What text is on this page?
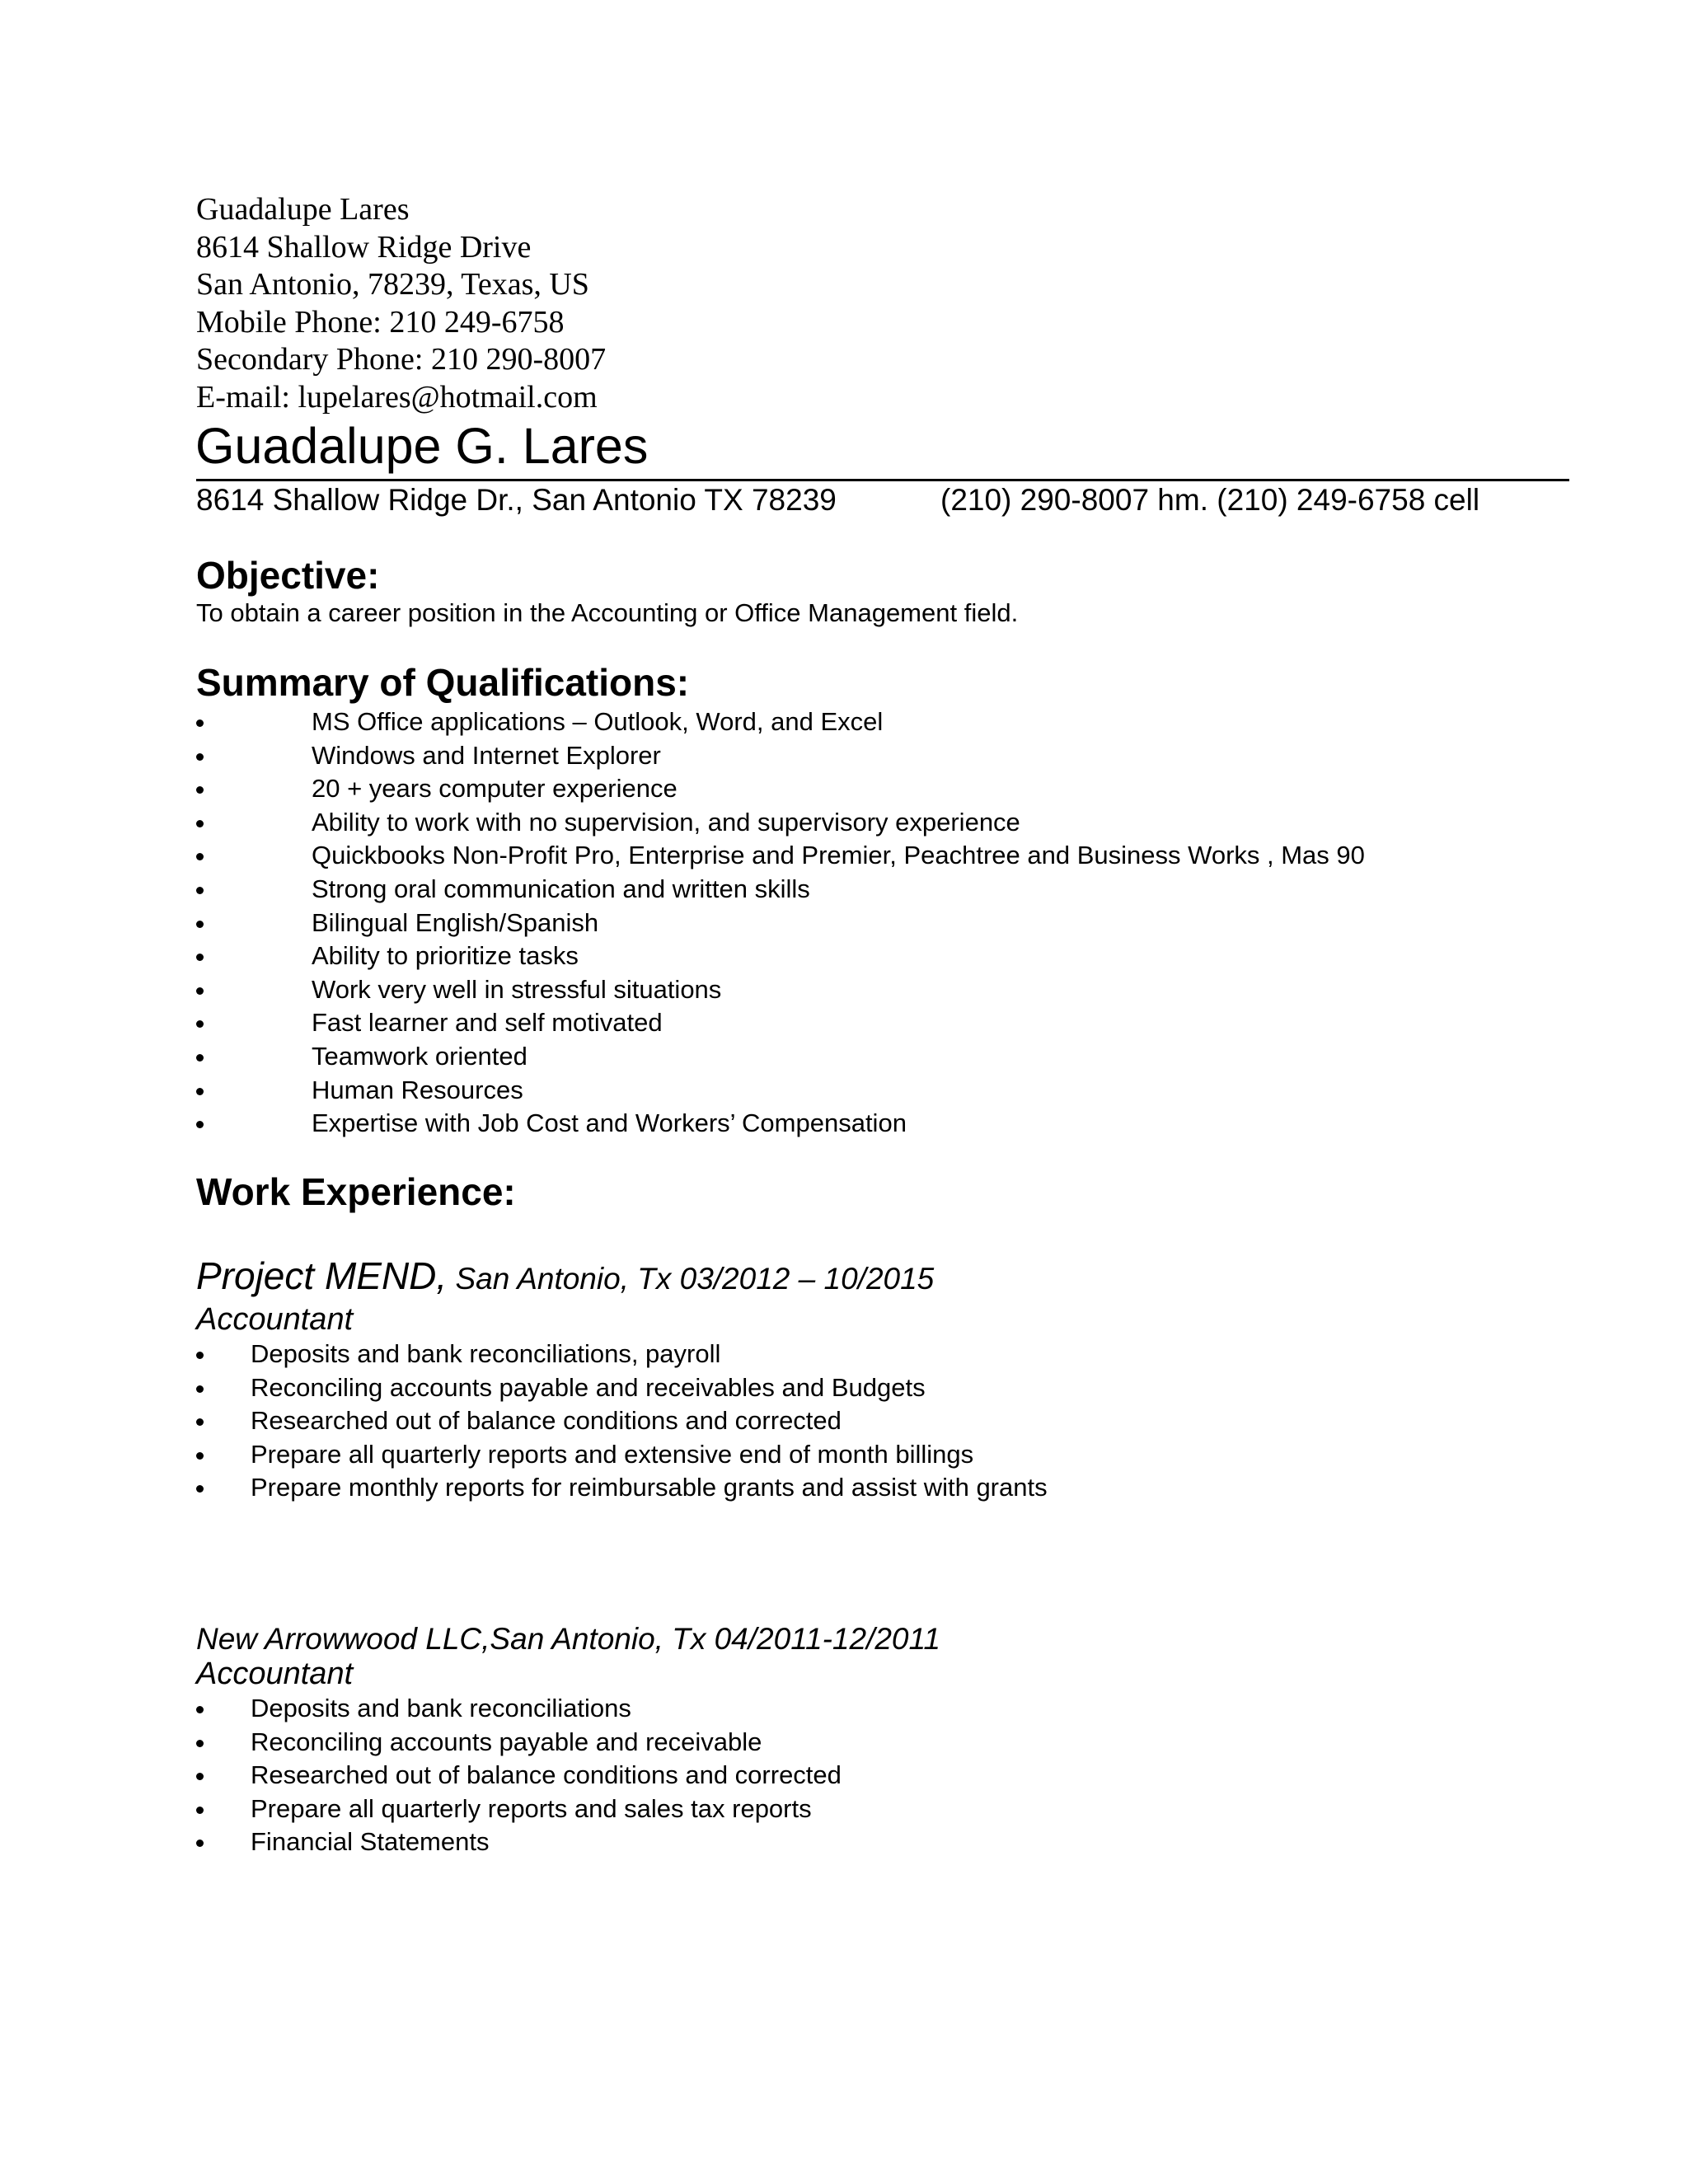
Guadalupe Lares
8614 Shallow Ridge Drive
San Antonio, 78239, Texas, US
Mobile Phone: 210 249-6758
Secondary Phone: 210 290-8007
E-mail: lupelares@hotmail.com
Guadalupe G. Lares
8614 Shallow Ridge Dr., San Antonio TX 78239	(210) 290-8007 hm. (210) 249-6758 cell
Objective:
To obtain a career position in the Accounting or Office Management field.
Summary of Qualifications:
MS Office applications – Outlook, Word, and Excel
Windows and Internet Explorer
20 + years computer experience
Ability to work with no supervision, and supervisory experience
Quickbooks Non-Profit Pro, Enterprise and Premier, Peachtree and Business Works , Mas 90
Strong oral communication and written skills
Bilingual English/Spanish
Ability to prioritize tasks
Work very well in stressful situations
Fast learner and self motivated
Teamwork oriented
Human Resources
Expertise with Job Cost and Workers’ Compensation
Work Experience:
Project MEND, San Antonio, Tx 03/2012 – 10/2015
Accountant
Deposits and bank reconciliations, payroll
Reconciling accounts payable and receivables and Budgets
Researched out of balance conditions and corrected
Prepare all quarterly reports and extensive end of month billings
Prepare monthly reports for reimbursable grants and assist with grants
New Arrowwood LLC,San Antonio, Tx 04/2011-12/2011
Accountant
Deposits and bank reconciliations
Reconciling accounts payable and receivable
Researched out of balance conditions and corrected
Prepare all quarterly reports and sales tax reports
Financial Statements
